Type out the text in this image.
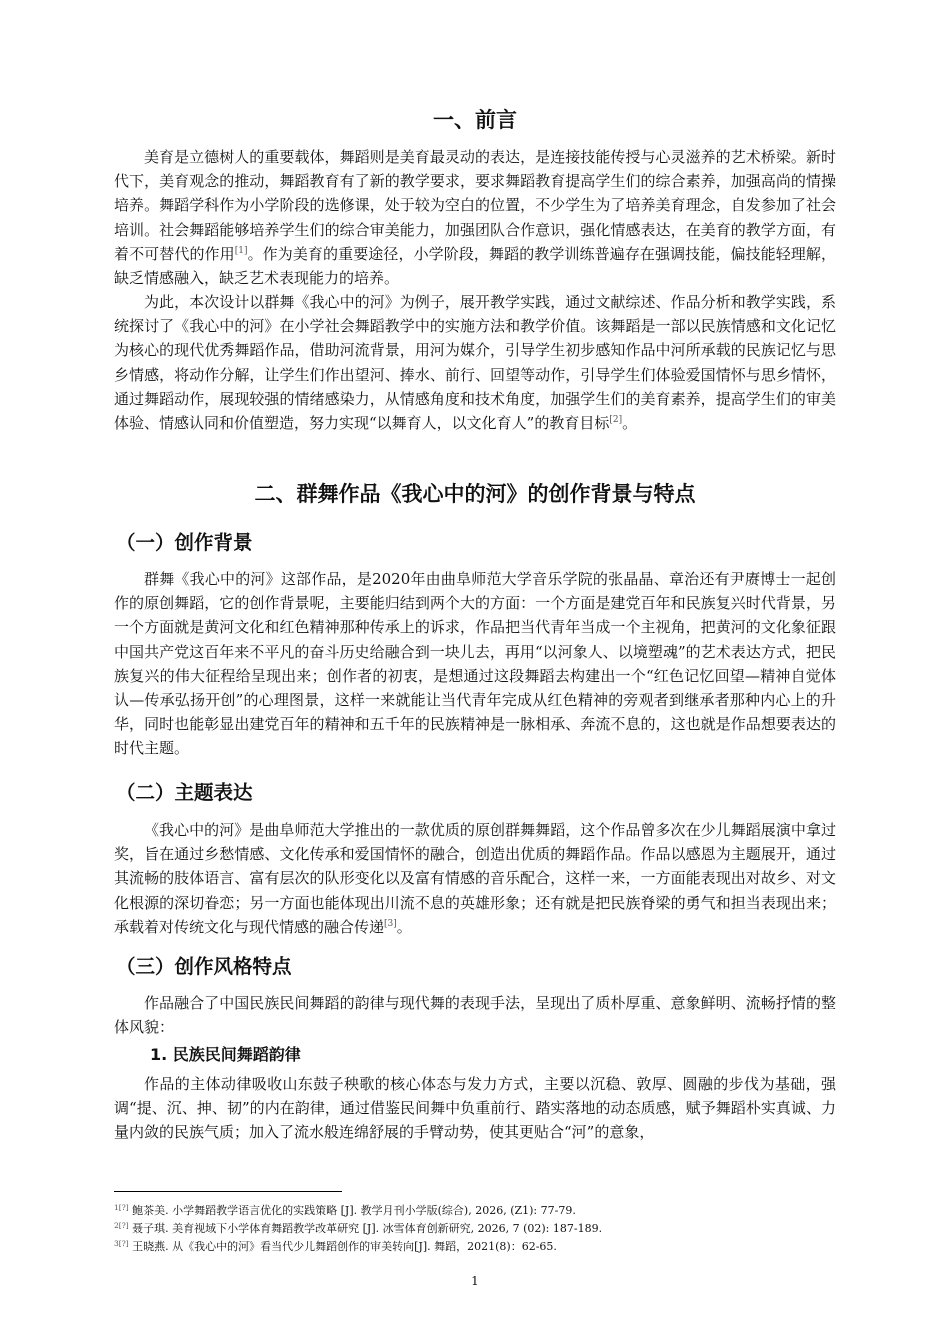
一、前言

美育是立德树人的重要载体，舞蹈则是美育最灵动的表达，是连接技能传授与心灵滋养的艺术桥梁。新时代下，美育观念的推动，舞蹈教育有了新的教学要求，要求舞蹈教育提高学生们的综合素养，加强高尚的情操培养。舞蹈学科作为小学阶段的选修课，处于较为空白的位置，不少学生为了培养美育理念，自发参加了社会培训。社会舞蹈能够培养学生们的综合审美能力，加强团队合作意识，强化情感表达，在美育的教学方面，有着不可替代的作用[1]。作为美育的重要途径，小学阶段，舞蹈的教学训练普遍存在强调技能，偏技能轻理解，缺乏情感融入，缺乏艺术表现能力的培养。

为此，本次设计以群舞《我心中的河》为例子，展开教学实践，通过文献综述、作品分析和教学实践，系统探讨了《我心中的河》在小学社会舞蹈教学中的实施方法和教学价值。该舞蹈是一部以民族情感和文化记忆为核心的现代优秀舞蹈作品，借助河流背景，用河为媒介，引导学生初步感知作品中河所承载的民族记忆与思乡情感，将动作分解，让学生们作出望河、捧水、前行、回望等动作，引导学生们体验爱国情怀与思乡情怀，通过舞蹈动作，展现较强的情绪感染力，从情感角度和技术角度，加强学生们的美育素养，提高学生们的审美体验、情感认同和价值塑造，努力实现“以舞育人，以文化育人”的教育目标[2]。

二、群舞作品《我心中的河》的创作背景与特点
（一）创作背景

群舞《我心中的河》这部作品，是2020年由曲阜师范大学音乐学院的张晶晶、章治还有尹赓博士一起创作的原创舞蹈，它的创作背景呢，主要能归结到两个大的方面：一个方面是建党百年和民族复兴时代背景，另一个方面就是黄河文化和红色精神那种传承上的诉求，作品把当代青年当成一个主视角，把黄河的文化象征跟中国共产党这百年来不平凡的奋斗历史给融合到一块儿去，再用“以河象人、以境塑魂”的艺术表达方式，把民族复兴的伟大征程给呈现出来；创作者的初衷，是想通过这段舞蹈去构建出一个“红色记忆回望—精神自觉体认—传承弘扬开创”的心理图景，这样一来就能让当代青年完成从红色精神的旁观者到继承者那种内心上的升华，同时也能彰显出建党百年的精神和五千年的民族精神是一脉相承、奔流不息的，这也就是作品想要表达的时代主题。

（二）主题表达

《我心中的河》是曲阜师范大学推出的一款优质的原创群舞舞蹈，这个作品曾多次在少儿舞蹈展演中拿过奖，旨在通过乡愁情感、文化传承和爱国情怀的融合，创造出优质的舞蹈作品。作品以感恩为主题展开，通过其流畅的肢体语言、富有层次的队形变化以及富有情感的音乐配合，这样一来，一方面能表现出对故乡、对文化根源的深切眷恋；另一方面也能体现出川流不息的英雄形象；还有就是把民族脊梁的勇气和担当表现出来；承载着对传统文化与现代情感的融合传递[3]。

（三）创作风格特点

作品融合了中国民族民间舞蹈的韵律与现代舞的表现手法，呈现出了质朴厚重、意象鲜明、流畅抒情的整体风貌：

1. 民族民间舞蹈韵律

作品的主体动律吸收山东鼓子秧歌的核心体态与发力方式，主要以沉稳、敦厚、圆融的步伐为基础，强调“提、沉、抻、韧”的内在韵律，通过借鉴民间舞中负重前行、踏实落地的动态质感，赋予舞蹈朴实真诚、力量内敛的民族气质；加入了流水般连绵舒展的手臂动势，使其更贴合“河”的意象，

$^{1[?]}$ 鲍茶美. 小学舞蹈教学语言优化的实践策略 [J]. 教学月刊小学版(综合), 2026, (Z1): 77-79.
$^{2[?]}$ 聂子琪. 美育视域下小学体育舞蹈教学改革研究 [J]. 冰雪体育创新研究, 2026, 7 (02): 187-189.
$^{3[?]}$ 王晓燕. 从《我心中的河》看当代少儿舞蹈创作的审美转向[J]. 舞蹈，2021(8)：62-65.
1
